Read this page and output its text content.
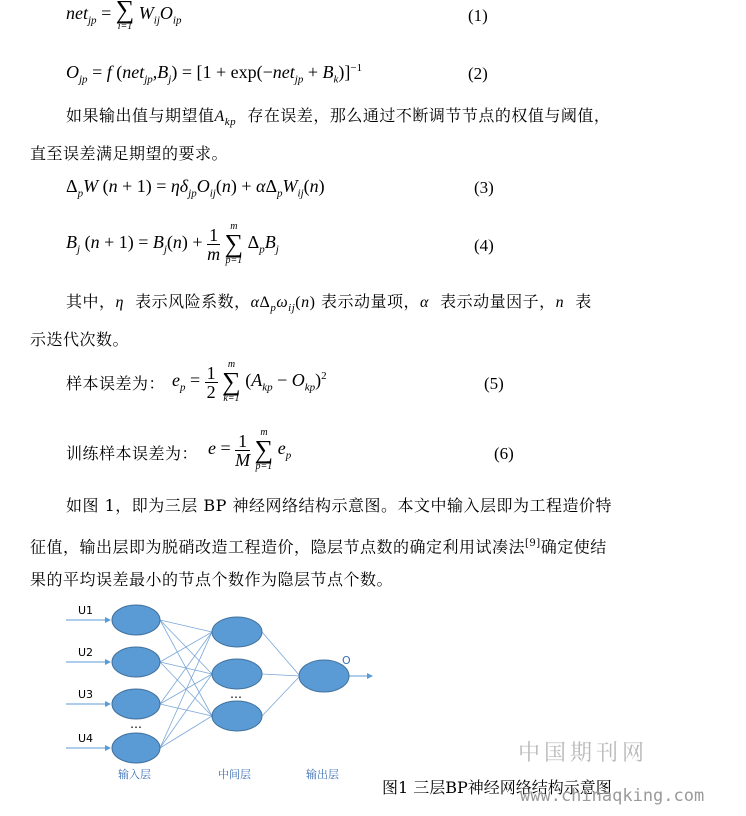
net$_{jp}$ = ∑
i=1
$W_{ij}O_{ip}$	(1)
$O_{jp} = f$ $(net_{jp},B_j) = [1 + \exp(-net_{jp} + B_k)]^{-1}$	(2)
如果输出值与期望值$A_{kp}$ 存在误差，那么通过不断调节节点的权值与阈值，
直至误差满足期望的要求。
$\Delta_pW$ $(n + 1) = \eta\delta_{jp}O_{ij}(n) + \alpha\Delta_pW_{ij}(n)$	(3)
$B_j$ $(n + 1) = B_j(n) + \frac{1}{m}$
	m
∑
p=1
$\Delta_pB_j$	(4)
其中，η 表示风险系数，$\alpha\Delta_p\omega_{ij}(n)$ 表示动量项，α 表示动量因子，n 表
示迭代次数。
样本误差为： $e_p = \frac{1}{2}$
	m
∑
k=1
$(A_{kp} - O_{kp})^2$	(5)
训练样本误差为： $e = \frac{1}{M}$
	m
∑
p=1
$e_p$	(6)
如图 1，即为三层 BP 神经网络结构示意图。本文中输入层即为工程造价特
征值，输出层即为脱硝改造工程造价，隐层节点数的确定利用试凑法[9]确定使结
果的平均误差最小的节点个数作为隐层节点个数。
U1
U2
U3
U4
O
…
…
输入层	中间层	输出层
图1 三层BP神经网络结构示意图
中国期刊网
www.chinaqking.com
